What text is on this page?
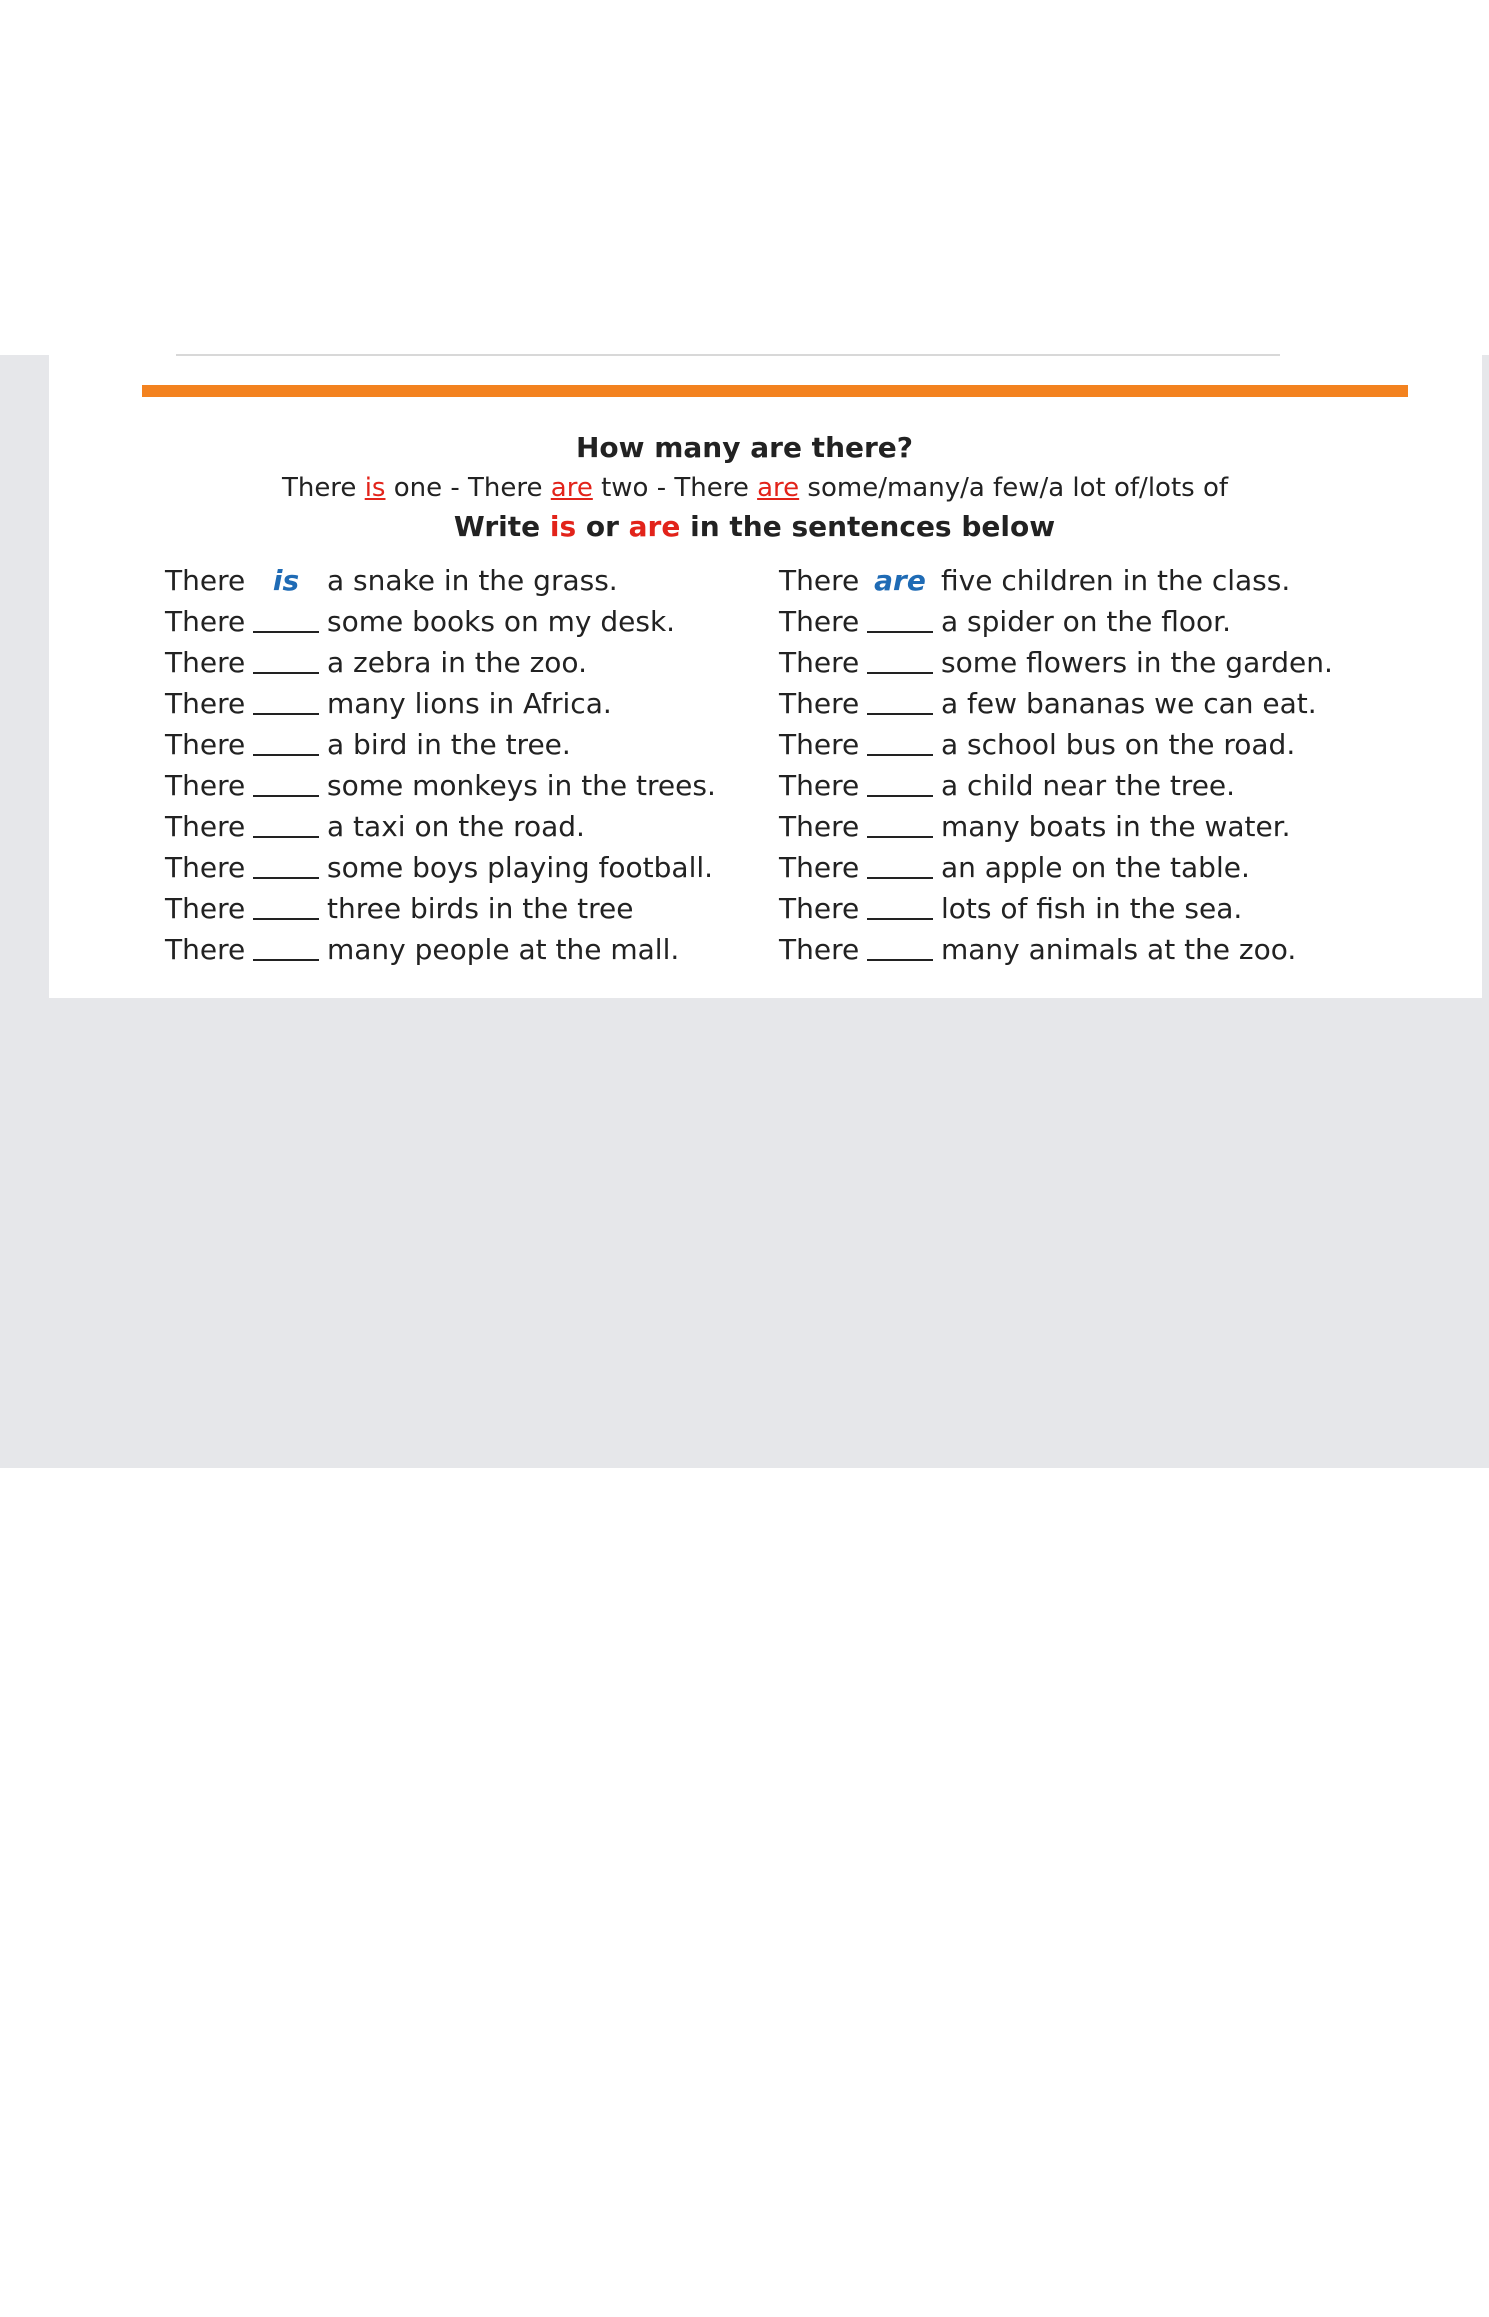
How many are there?
There is one - There are two - There are some/many/a few/a lot of/lots of
Write is or are in the sentences below
There is a snake in the grass.
There	some books on my desk.
There	a zebra in the zoo.
There	many lions in Africa.
There	a bird in the tree.
There	some monkeys in the trees.
There	a taxi on the road.
There	some boys playing football.
There	three birds in the tree
There	many people at the mall.
There are five children in the class.
There	a spider on the floor.
There	some flowers in the garden.
There	a few bananas we can eat.
There	a school bus on the road.
There	a child near the tree.
There	many boats in the water.
There	an apple on the table.
There	lots of fish in the sea.
There	many animals at the zoo.
